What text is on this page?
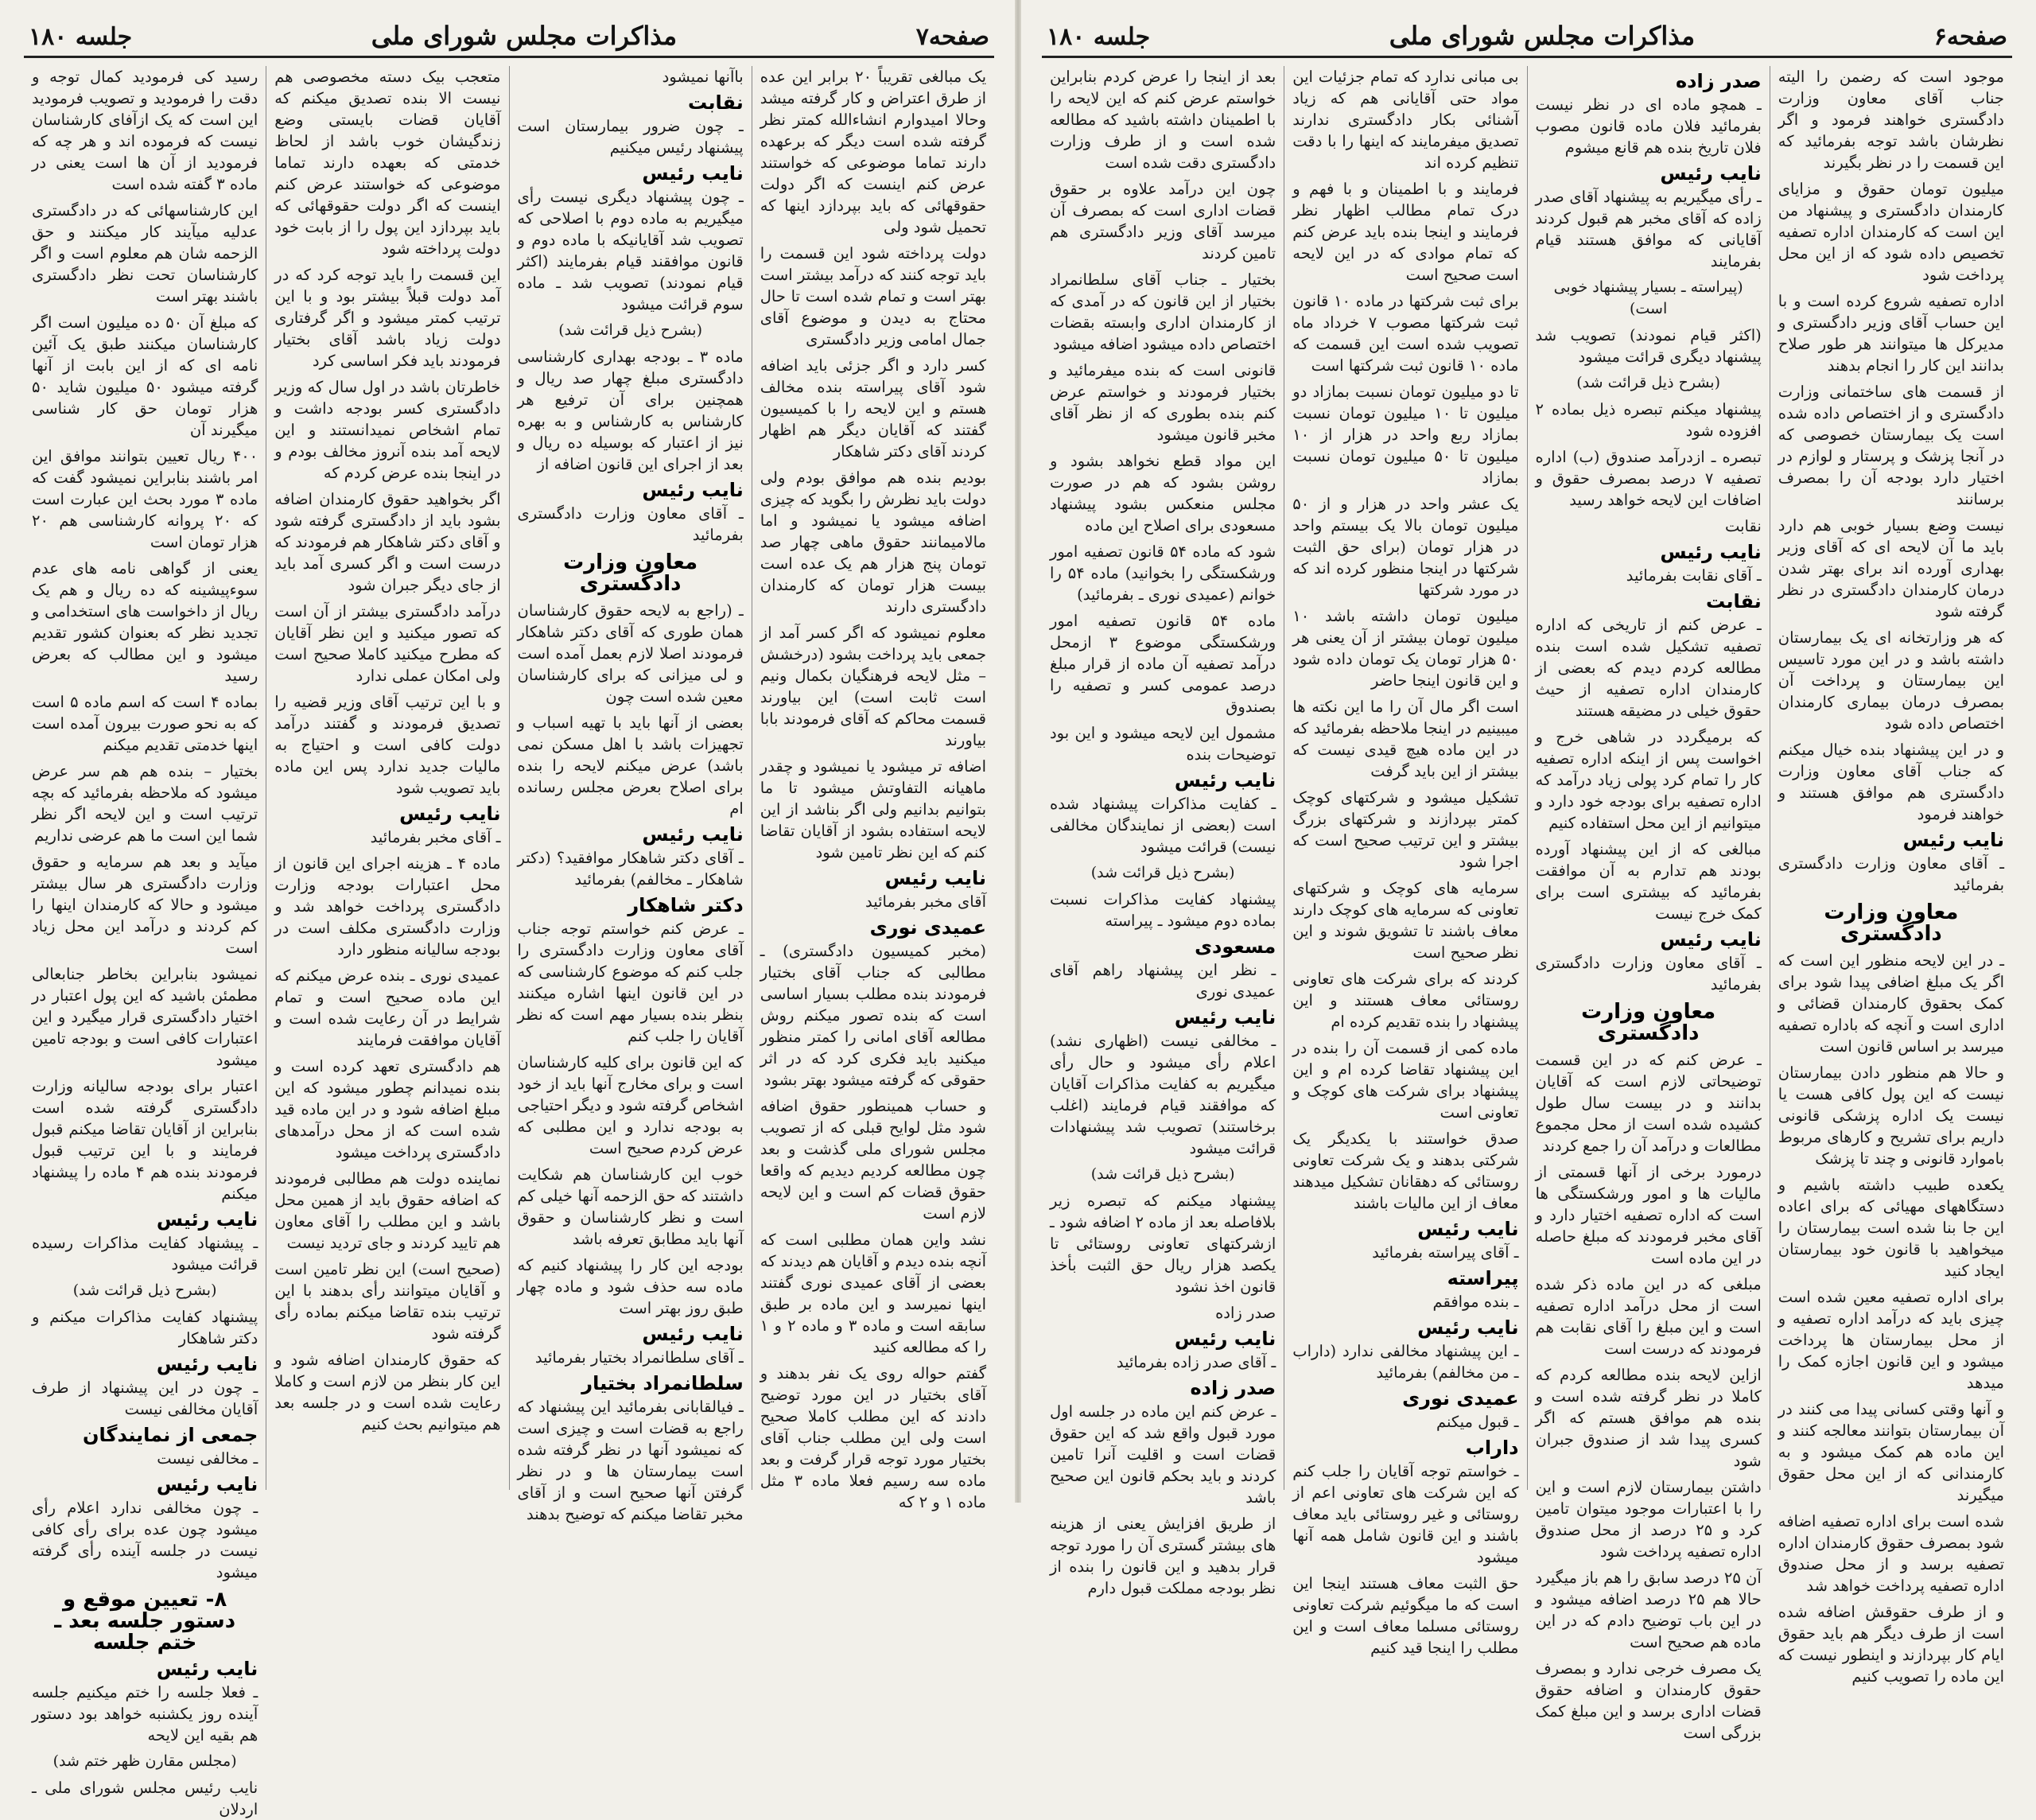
صفحه۷
مذاکرات مجلس شورای ملی
جلسه ۱۸۰

یک مبالغی تقریباً ۲۰ برابر این عده از طرق اعتراض و کار گرفته میشد وحالا امیدوارم انشاءالله کمتر نظر گرفته شده است دیگر که برعهده دارند تماما موضوعی که خواستند عرض کنم اینست که اگر دولت حقوقهائی که باید بپردازد اینها که تحمیل شود ولی

دولت پرداخته شود این قسمت را باید توجه کنند که درآمد بیشتر است بهتر است و تمام شده است تا حال محتاج به دیدن و موضوع آقای جمال امامی وزیر دادگستری

کسر دارد و اگر جزئی باید اضافه شود آقای پیراسته بنده مخالف هستم و این لایحه را با کمیسیون گفتند که آقایان دیگر هم اظهار کردند آقای دکتر شاهکار

بودیم بنده هم موافق بودم ولی دولت باید نظرش را بگوید که چیزی اضافه میشود یا نمیشود و اما مالامیمانند حقوق ماهی چهار صد تومان پنج هزار هم یک عده است بیست هزار تومان که کارمندان دادگستری دارند

معلوم نمیشود که اگر کسر آمد از جمعی باید پرداخت بشود (درخشش – مثل لایحه فرهنگیان بکمال ونیم است ثابت است) این بیاورند قسمت محاکم که آقای فرمودند بابا بیاورند

اضافه تر میشود یا نمیشود و چقدر ماهیانه التفاوتش میشود تا ما بتوانیم بدانیم ولی اگر بناشد از این لایحه استفاده بشود از آقایان تقاضا کنم که این نظر تامین شود

نایب رئیس

آقای مخبر بفرمائید

عمیدی نوری

(مخبر کمیسیون دادگستری) ـ مطالبی که جناب آقای بختیار فرمودند بنده مطلب بسیار اساسی است که بنده تصور میکنم روش مطالعه آقای امانی را کمتر منظور میکنید باید فکری کرد که در اثر حقوقی که گرفته میشود بهتر بشود

و حساب همینطور حقوق اضافه شود مثل لوایح قبلی که از تصویب مجلس شورای ملی گذشت و بعد چون مطالعه کردیم دیدیم که واقعا حقوق قضات کم است و این لایحه لازم است

نشد واین همان مطلبی است که آنچه بنده دیدم و آقایان هم دیدند که بعضی از آقای عمیدی نوری گفتند اینها نمیرسد و این ماده بر طبق سابقه است و ماده ۳ و ماده ۲ و ۱ را که مطالعه کنید

گفتم حواله روی یک نفر بدهند و آقای بختیار در این مورد توضیح دادند که این مطلب کاملا صحیح است ولی این مطلب جناب آقای بختیار مورد توجه قرار گرفت و بعد ماده سه رسیم فعلا ماده ۳ مثل ماده ۱ و ۲ که

باآنها نمیشود

نقابت

ـ چون ضرور بیمارستان است پیشنهاد رئیس میکنیم

نایب رئیس

ـ چون پیشنهاد دیگری نیست رأی میگیریم به ماده دوم با اصلاحی که تصویب شد آقایانیکه با ماده دوم و قانون موافقند قیام بفرمایند (اکثر قیام نمودند) تصویب شد ـ ماده سوم قرائت میشود

(بشرح ذیل قرائت شد)

ماده ۳ ـ بودجه بهداری کارشناسی دادگستری مبلغ چهار صد ریال و همچنین برای آن ترفیع هر کارشناس به کارشناس و به بهره نیز از اعتبار که بوسیله ده ریال و بعد از اجرای این قانون اضافه از

نایب رئیس

ـ آقای معاون وزارت دادگستری بفرمائید

معاون وزارت دادگستری

ـ (راجع به لایحه حقوق کارشناسان همان طوری که آقای دکتر شاهکار فرمودند اصلا لازم بعمل آمده است و لی میزانی که برای کارشناسان معین شده است چون

بعضی از آنها باید با تهیه اسباب و تجهیزات باشد با اهل مسکن نمی باشد) عرض میکنم لایحه را بنده برای اصلاح بعرض مجلس رسانده ام

نایب رئیس

ـ آقای دکتر شاهکار موافقید؟ (دکتر شاهکار ـ مخالفم) بفرمائید

دکتر شاهکار

ـ عرض کنم خواستم توجه جناب آقای معاون وزارت دادگستری را جلب کنم که موضوع کارشناسی که در این قانون اینها اشاره میکنند بنظر بنده بسیار مهم است که نظر آقایان را جلب کنم

که این قانون برای کلیه کارشناسان است و برای مخارج آنها باید از خود اشخاص گرفته شود و دیگر احتیاجی به بودجه ندارد و این مطلبی که عرض کردم صحیح است

خوب این کارشناسان هم شکایت داشتند که حق الزحمه آنها خیلی کم است و نظر کارشناسان و حقوق آنها باید مطابق تعرفه باشد

بودجه این کار را پیشنهاد کنیم که ماده سه حذف شود و ماده چهار طبق روز بهتر است

نایب رئیس

ـ آقای سلطانمراد بختیار بفرمائید

سلطانمراد بختیار

ـ فیالقابانی بفرمائید این پیشنهاد که راجع به قضات است و چیزی است که نمیشود آنها در نظر گرفته شده است بیمارستان ها و در نظر گرفتن آنها صحیح است و از آقای مخبر تقاضا میکنم که توضیح بدهند

متعجب بیک دسته مخصوصی هم نیست الا بنده تصدیق میکنم که آقایان قضات بایستی وضع زندگیشان خوب باشد از لحاظ خدمتی که بعهده دارند تماما موضوعی که خواستند عرض کنم اینست که اگر دولت حقوقهائی که باید بپردازد این پول را از بابت خود دولت پرداخته شود

این قسمت را باید توجه کرد که در آمد دولت قبلاً بیشتر بود و با این ترتیب کمتر میشود و اگر گرفتاری دولت زیاد باشد آقای بختیار فرمودند باید فکر اساسی کرد

خاطرتان باشد در اول سال که وزیر دادگستری کسر بودجه داشت و تمام اشخاص نمیدانستند و این لایحه آمد بنده آنروز مخالف بودم و در اینجا بنده عرض کردم که

اگر بخواهید حقوق کارمندان اضافه بشود باید از دادگستری گرفته شود و آقای دکتر شاهکار هم فرمودند که درست است و اگر کسری آمد باید از جای دیگر جبران شود

درآمد دادگستری بیشتر از آن است که تصور میکنید و این نظر آقایان که مطرح میکنید کاملا صحیح است ولی امکان عملی ندارد

و با این ترتیب آقای وزیر قضیه را تصدیق فرمودند و گفتند درآمد دولت کافی است و احتیاج به مالیات جدید ندارد پس این ماده باید تصویب شود

نایب رئیس

ـ آقای مخبر بفرمائید

ماده ۴ ـ هزینه اجرای این قانون از محل اعتبارات بودجه وزارت دادگستری پرداخت خواهد شد و وزارت دادگستری مکلف است در بودجه سالیانه منظور دارد

عمیدی نوری ـ بنده عرض میکنم که این ماده صحیح است و تمام شرایط در آن رعایت شده است و آقایان موافقت فرمایند

هم دادگستری تعهد کرده است و بنده نمیدانم چطور میشود که این مبلغ اضافه شود و در این ماده قید شده است که از محل درآمدهای دادگستری پرداخت میشود

نماینده دولت هم مطالبی فرمودند که اضافه حقوق باید از همین محل باشد و این مطلب را آقای معاون هم تایید کردند و جای تردید نیست

(صحیح است) این نظر تامین است و آقایان میتوانند رأی بدهند با این ترتیب بنده تقاضا میکنم بماده رأی گرفته شود

که حقوق کارمندان اضافه شود و این کار بنظر من لازم است و کاملا رعایت شده است و در جلسه بعد هم میتوانیم بحث کنیم

رسید کی فرمودید کمال توجه و دقت را فرمودید و تصویب فرمودید این است که یک ازآفای کارشناسان نیست که فرموده اند و هر چه که فرمودید از آن ها است یعنی در ماده ۳ گفته شده است

این کارشناسهائی که در دادگستری عدلیه میآیند کار میکنند و حق الزحمه شان هم معلوم است و اگر کارشناسان تحت نظر دادگستری باشند بهتر است

که مبلغ آن ۵۰ ده میلیون است اگر کارشناسان میکنند طبق یک آئین نامه ای که از این بابت از آنها گرفته میشود ۵۰ میلیون شاید ۵۰ هزار تومان حق کار شناسی میگیرند آن

۴۰۰ ریال تعیین بتوانند موافق این امر باشند بنابراین نمیشود گفت که ماده ۳ مورد بحث این عبارت است که ۲۰ پروانه کارشناسی هم ۲۰ هزار تومان است

یعنی از گواهی نامه های عدم سوءپیشینه که ده ریال و هم یک ریال از داخواست های استخدامی و تجدید نظر که بعنوان کشور تقدیم میشود و این مطالب که بعرض رسید

بماده ۴ است که اسم ماده ۵ است که به نحو صورت بیرون آمده است اینها خدمتی تقدیم میکنم

بختیار – بنده هم هم سر عرض میشود که ملاحظه بفرمائید که بچه ترتیب است و این لایحه اگر نظر شما این است ما هم عرضی نداریم

میآید و بعد هم سرمایه و حقوق وزارت دادگستری هر سال بیشتر میشود و حالا که کارمندان اینها را کم کردند و درآمد این محل زیاد است

نمیشود بنابراین بخاطر جنابعالی مطمئن باشید که این پول اعتبار در اختیار دادگستری قرار میگیرد و این اعتبارات کافی است و بودجه تامین میشود

اعتبار برای بودجه سالیانه وزارت دادگستری گرفته شده است بنابراین از آقایان تقاضا میکنم قبول فرمایند و با این ترتیب قبول فرمودند بنده هم ۴ ماده را پیشنهاد میکنم

نایب رئیس

ـ پیشنهاد کفایت مذاکرات رسیده قرائت میشود

(بشرح ذیل قرائت شد)

پیشنهاد کفایت مذاکرات میکنم و دکتر شاهکار

نایب رئیس

ـ چون در این پیشنهاد از طرف آقایان مخالفی نیست

جمعی از نمایندگان

ـ مخالفی نیست

نایب رئیس

ـ چون مخالفی ندارد اعلام رأی میشود چون عده برای رأی کافی نیست در جلسه آینده رأی گرفته میشود

۸- تعیین موقع و دستور جلسه بعد ـ ختم جلسه

نایب رئیس

ـ فعلا جلسه را ختم میکنیم جلسه آینده روز یکشنبه خواهد بود دستور هم بقیه این لایحه

(مجلس مقارن ظهر ختم شد)

نایب رئیس مجلس شورای ملی ـ اردلان

صفحه۶
مذاکرات مجلس شورای ملی
جلسه ۱۸۰

موجود است که رضمن را الیته جناب آقای معاون وزارت دادگستری خواهند فرمود و اگر نظرشان باشد توجه بفرمائید که این قسمت را در نظر بگیرند

میلیون تومان حقوق و مزایای کارمندان دادگستری و پیشنهاد من این است که کارمندان اداره تصفیه تخصیص داده شود که از این محل پرداخت شود

اداره تصفیه شروع کرده است و با این حساب آقای وزیر دادگستری و مدیرکل ها میتوانند هر طور صلاح بدانند این کار را انجام بدهند

از قسمت های ساختمانی وزارت دادگستری و از اختصاص داده شده است یک بیمارستان خصوصی که در آنجا پزشک و پرستار و لوازم در اختیار دارد بودجه آن را بمصرف برسانند

نیست وضع بسیار خوبی هم دارد باید ما آن لایحه ای که آقای وزیر بهداری آورده اند برای بهتر شدن درمان کارمندان دادگستری در نظر گرفته شود

که هر وزارتخانه ای یک بیمارستان داشته باشد و در این مورد تاسیس این بیمارستان و پرداخت آن بمصرف درمان بیماری کارمندان اختصاص داده شود

و در این پیشنهاد بنده خیال میکنم که جناب آقای معاون وزارت دادگستری هم موافق هستند و خواهند فرمود

نایب رئیس

ـ آقای معاون وزارت دادگستری بفرمائید

معاون وزارت دادگستری

ـ در این لایحه منظور این است که اگر یک مبلغ اضافی پیدا شود برای کمک بحقوق کارمندان قضائی و اداری است و آنچه که باداره تصفیه میرسد بر اساس قانون است

و حالا هم منظور دادن بیمارستان نیست که این پول کافی هست یا نیست یک اداره پزشکی قانونی داریم برای تشریح و کارهای مربوط باموارد قانونی و چند تا پزشک

یکعده طبیب داشته باشیم و دستگاههای مهیائی که برای اعاده این جا بنا شده است بیمارستان را میخواهید با قانون خود بیمارستان ایجاد کنید

برای اداره تصفیه معین شده است چیزی باید که درآمد اداره تصفیه و از محل بیمارستان ها پرداخت میشود و این قانون اجازه کمک را میدهد

و آنها وقتی کسانی پیدا می کنند در آن بیمارستان بتوانند معالجه کنند و این ماده هم کمک میشود و به کارمندانی که از این محل حقوق میگیرند

شده است برای اداره تصفیه اضافه شود بمصرف حقوق کارمندان اداره تصفیه برسد و از محل صندوق اداره تصفیه پرداخت خواهد شد

و از طرف حقوقش اضافه شده است از طرف دیگر هم باید حقوق ایام کار بپردازند و اینطور نیست که این ماده را تصویب کنیم

صدر زاده

ـ همچو ماده ای در نظر نیست بفرمائید فلان ماده قانون مصوب فلان تاریخ بنده هم قانع میشوم

نایب رئیس

ـ رأی میگیریم به پیشنهاد آقای صدر زاده که آقای مخبر هم قبول کردند آقایانی که موافق هستند قیام بفرمایند

(پیراسته ـ بسیار پیشنهاد خوبی است)

(اکثر قیام نمودند) تصویب شد پیشنهاد دیگری قرائت میشود

(بشرح ذیل قرائت شد)

پیشنهاد میکنم تبصره ذیل بماده ۲ افزوده شود

تبصره ـ ازدرآمد صندوق (ب) اداره تصفیه ۷ درصد بمصرف حقوق و اضافات این لایحه خواهد رسید

نقابت

نایب رئیس

ـ آقای نقابت بفرمائید

نقابت

ـ عرض کنم از تاریخی که اداره تصفیه تشکیل شده است بنده مطالعه کردم دیدم که بعضی از کارمندان اداره تصفیه از حیث حقوق خیلی در مضیقه هستند

که برمیگردد در شاهی خرج و اخواست پس از اینکه اداره تصفیه کار را تمام کرد پولی زیاد درآمد که اداره تصفیه برای بودجه خود دارد و میتوانیم از این محل استفاده کنیم

مبالغی که از این پیشنهاد آورده بودند هم تدارم به آن موافقت بفرمائید که بیشتری است برای کمک خرج نیست

نایب رئیس

ـ آقای معاون وزارت دادگستری بفرمائید

معاون وزارت دادگستری

ـ عرض کنم که در این قسمت توضیحاتی لازم است که آقایان بدانند و در بیست سال طول کشیده شده است از محل مجموع مطالعات و درآمد آن را جمع کردند

درمورد برخی از آنها قسمتی از مالیات ها و امور ورشکستگی ها است که اداره تصفیه اختیار دارد و آقای مخبر فرمودند که مبلغ حاصله در این ماده است

مبلغی که در این ماده ذکر شده است از محل درآمد اداره تصفیه است و این مبلغ را آقای نقابت هم فرمودند که درست است

ازاین لایحه بنده مطالعه کردم که کاملا در نظر گرفته شده است و بنده هم موافق هستم که اگر کسری پیدا شد از صندوق جبران شود

داشتن بیمارستان لازم است و این را با اعتبارات موجود میتوان تامین کرد و ۲۵ درصد از محل صندوق اداره تصفیه پرداخت شود

آن ۲۵ درصد سابق را هم باز میگیرد حالا هم ۲۵ درصد اضافه میشود و در این باب توضیح دادم که در این ماده هم صحیح است

یک مصرف خرجی ندارد و بمصرف حقوق کارمندان و اضافه حقوق قضات اداری برسد و این مبلغ کمک بزرگی است

بی مبانی ندارد که تمام جزئیات این مواد حتی آقایانی هم که زیاد آشنائی بکار دادگستری ندارند تصدیق میفرمایند که اینها را با دقت تنظیم کرده اند

فرمایند و با اطمینان و با فهم و درک تمام مطالب اظهار نظر فرمایند و اینجا بنده باید عرض کنم که تمام موادی که در این لایحه است صحیح است

برای ثبت شرکتها در ماده ۱۰ قانون ثبت شرکتها مصوب ۷ خرداد ماه تصویب شده است این قسمت که ماده ۱۰ قانون ثبت شرکتها است

تا دو میلیون تومان نسبت بمازاد دو میلیون تا ۱۰ میلیون تومان نسبت بمازاد ربع واحد در هزار از ۱۰ میلیون تا ۵۰ میلیون تومان نسبت بمازاد

یک عشر واحد در هزار و از ۵۰ میلیون تومان بالا یک بیستم واحد در هزار تومان (برای حق الثبت شرکتها در اینجا منظور کرده اند که در مورد شرکتها

میلیون تومان داشته باشد ۱۰ میلیون تومان بیشتر از آن یعنی هر ۵۰ هزار تومان یک تومان داده شود و این قانون اینجا حاضر

است اگر مال آن را ما این نکته ها میبینیم در اینجا ملاحظه بفرمائید که در این ماده هیچ قیدی نیست که بیشتر از این باید گرفت

تشکیل میشود و شرکتهای کوچک کمتر بپردازند و شرکتهای بزرگ بیشتر و این ترتیب صحیح است که اجرا شود

سرمایه های کوچک و شرکتهای تعاونی که سرمایه های کوچک دارند معاف باشند تا تشویق شوند و این نظر صحیح است

کردند که برای شرکت های تعاونی روستائی معاف هستند و این پیشنهاد را بنده تقدیم کرده ام

ماده کمی از قسمت آن را بنده در این پیشنهاد تقاضا کرده ام و این پیشنهاد برای شرکت های کوچک و تعاونی است

صدق خواستند با یکدیگر یک شرکتی بدهند و یک شرکت تعاونی روستائی که دهقانان تشکیل میدهند معاف از این مالیات باشند

نایب رئیس

ـ آقای پیراسته بفرمائید

پیراسته

ـ بنده موافقم

نایب رئیس

ـ این پیشنهاد مخالفی ندارد (داراب ـ من مخالفم) بفرمائید

عمیدی نوری

ـ قبول میکنم

داراب

ـ خواستم توجه آقایان را جلب کنم که این شرکت های تعاونی اعم از روستائی و غیر روستائی باید معاف باشند و این قانون شامل همه آنها میشود

حق الثبت معاف هستند اینجا این است که ما میگوئیم شرکت تعاونی روستائی مسلما معاف است و این مطلب را اینجا قید کنیم

بعد از اینجا را عرض کردم بنابراین خواستم عرض کنم که این لایحه را با اطمینان داشته باشید که مطالعه شده است و از طرف وزارت دادگستری دقت شده است

چون این درآمد علاوه بر حقوق قضات اداری است که بمصرف آن میرسد آقای وزیر دادگستری هم تامین کردند

بختیار ـ جناب آقای سلطانمراد بختیار از این قانون که در آمدی که از کارمندان اداری وابسته بقضات اختصاص داده میشود اضافه میشود

قانونی است که بنده میفرمائید و بختیار فرمودند و خواستم عرض کنم بنده بطوری که از نظر آقای مخبر قانون میشود

این مواد قطع نخواهد بشود و روشن بشود که هم در صورت مجلس منعکس بشود پیشنهاد مسعودی برای اصلاح این ماده

شود که ماده ۵۴ قانون تصفیه امور ورشکستگی را بخوانید) ماده ۵۴ را خوانم (عمیدی نوری ـ بفرمائید)

ماده ۵۴ قانون تصفیه امور ورشکستگی موضوع ۳ ازمحل درآمد تصفیه آن ماده از قرار مبلغ درصد عمومی کسر و تصفیه را بصندوق

مشمول این لایحه میشود و این بود توضیحات بنده

نایب رئیس

ـ کفایت مذاکرات پیشنهاد شده است (بعضی از نمایندگان مخالفی نیست) قرائت میشود

(بشرح ذیل قرائت شد)

پیشنهاد کفایت مذاکرات نسبت بماده دوم میشود ـ پیراسته

مسعودی

ـ نظر این پیشنهاد راهم آقای عمیدی نوری

نایب رئیس

ـ مخالفی نیست (اظهاری نشد) اعلام رأی میشود و حال رأی میگیریم به کفایت مذاکرات آقایان که موافقند قیام فرمایند (اغلب برخاستند) تصویب شد پیشنهادات قرائت میشود

(بشرح ذیل قرائت شد)

پیشنهاد میکنم که تبصره زیر بلافاصله بعد از ماده ۲ اضافه شود ـ ازشرکتهای تعاونی روستائی تا یکصد هزار ریال حق الثبت بأخذ قانون اخذ نشود

صدر زاده

نایب رئیس

ـ آقای صدر زاده بفرمائید

صدر زاده

ـ عرض کنم این ماده در جلسه اول مورد قبول واقع شد که این حقوق قضات است و اقلیت آنرا تامین کردند و باید بحکم قانون این صحیح باشد

از طریق افزایش یعنی از هزینه های بیشتر گستری آن را مورد توجه قرار بدهید و این قانون را بنده از نظر بودجه مملکت قبول دارم
